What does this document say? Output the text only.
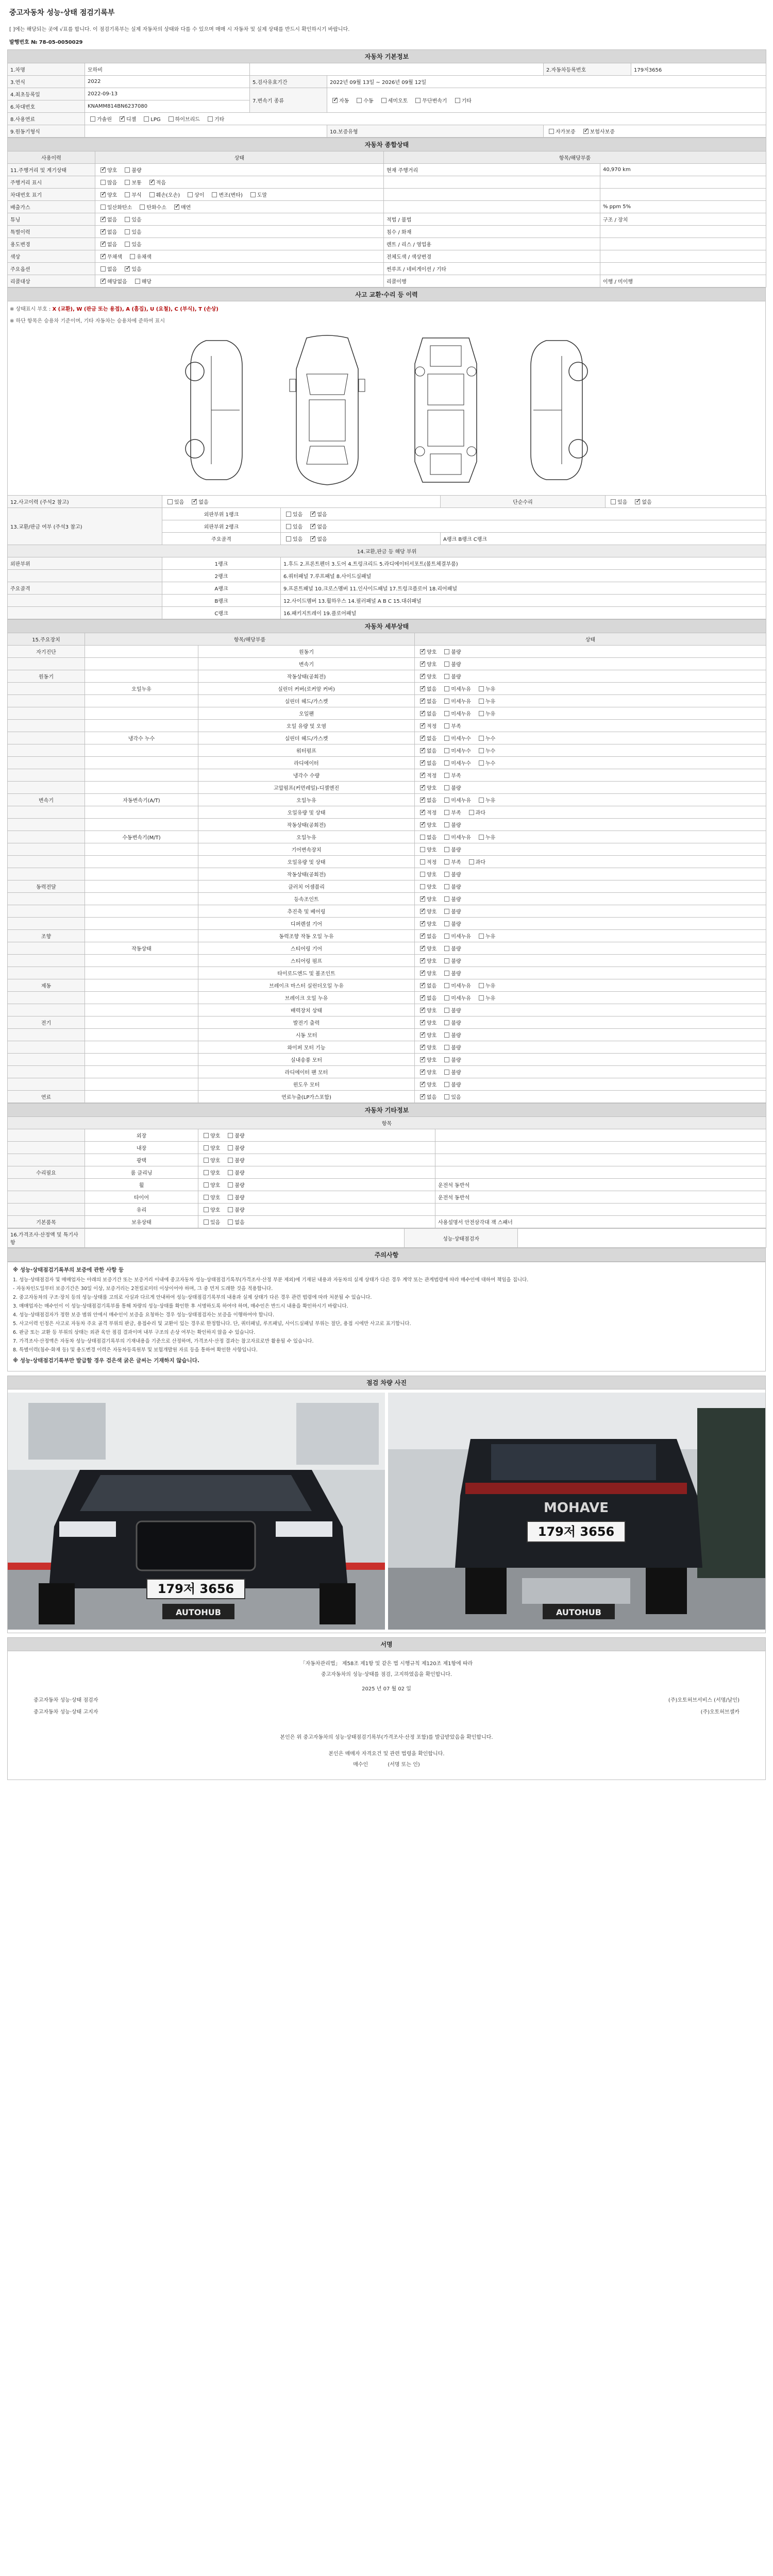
중고자동차 성능·상태 점검기록부
[ ]에는 해당되는 곳에 √표를 합니다. 이 점검기록부는 실제 자동차의 상태와 다를 수 있으며 매매 시 자동차 및 실제 상태를 반드시 확인하시기 바랍니다.
발행번호 № 78-05-0050029
자동차 기본정보					
1.차명	모하비			2.자동차등록번호	179저3656
3.연식	2022	5.검사유효기간	2022년 09월 13일 ~ 2026년 09월 12일		
4.최초등록일	2022-09-13	7.변속기 종류	✓자동 수동 세미오토 무단변속기 기타
6.차대번호	KNAMM814BN6237080				
8.사용연료	가솔린 ✓ 디젤 LPG 하이브리드 기타
9.원동기형식			10.보증유형	자가보증 ✓ 보험사보증
자동차 종합상태			
사용이력	상태	항목/해당부품	
11.주행거리 및 계기상태	✓양호 불량	현재 주행거리	40,970 km
주행거리 표시	많음 보통 ✓ 적음		
차대번호 표기	✓양호 부식 훼손(오손) 상이 변조(변타) 도말		
배출가스	일산화탄소 탄화수소 ✓ 매연		% ppm 5%
튜닝	✓없음 있음	적법 / 불법	구조 / 장치
특별이력	✓없음 있음	침수 / 화재	
용도변경	✓없음 있음	렌트 / 리스 / 영업용	
색상	✓무채색 유채색	전체도색 / 색상변경	
주요옵션	없음 ✓ 있음	썬루프 / 네비게이션 / 기타	
리콜대상	✓해당없음 해당	리콜이행	이행 / 미이행
사고 교환·수리 등 이력
※ 상태표시 부호 : X (교환), W (판금 또는 용접), A (흠집), U (요철), C (부식), T (손상)
※ 하단 항목은 승용차 기준이며, 기타 자동차는 승용차에 준하여 표시
12.사고이력 (주석2 참고)	있음 ✓ 없음		단순수리	있음 ✓ 없음
13.교환/판금 여부 (주석3 참고)	외판부위 1랭크	있음 ✓ 없음
	외판부위 2랭크	있음 ✓ 없음
	주요골격	있음 ✓ 없음	A랭크 B랭크 C랭크	
14.교환,판금 등 해당 부위				
외판부위	1랭크	1.후드 2.프론트펜더 3.도어 4.트렁크리드 5.라디에이터서포트(볼트체결부품)		
	2랭크	6.쿼터패널 7.루프패널 8.사이드실패널		
주요골격	A랭크	9.프론트패널 10.크로스멤버 11.인사이드패널 17.트렁크플로어 18.리어패널		
	B랭크	12.사이드멤버 13.휠하우스 14.필러패널 A B C 15.대쉬패널		
	C랭크	16.패키지트레이 19.플로어패널		
자동차 세부상태			
15.주요장치	항목/해당부품		상태
자기진단		원동기	✓양호 불량
		변속기	✓양호 불량
원동기		작동상태(공회전)	✓양호 불량
	오일누유	실린더 커버(로커암 커버)	✓없음 미세누유 누유
		실린더 헤드/가스켓	✓없음 미세누유 누유
		오일팬	✓없음 미세누유 누유
		오일 유량 및 오염	✓적정 부족
	냉각수 누수	실린더 헤드/가스켓	✓없음 미세누수 누수
		워터펌프	✓없음 미세누수 누수
		라디에이터	✓없음 미세누수 누수
		냉각수 수량	✓적정 부족
		고압펌프(커먼레일)-디젤엔진	✓양호 불량
변속기	자동변속기(A/T)	오일누유	✓없음 미세누유 누유
		오일유량 및 상태	✓적정 부족 과다
		작동상태(공회전)	✓양호 불량
	수동변속기(M/T)	오일누유	없음 미세누유 누유
		기어변속장치	양호 불량
		오일유량 및 상태	적정 부족 과다
		작동상태(공회전)	양호 불량
동력전달		클러치 어셈블리	양호 불량
		등속조인트	✓양호 불량
		추진축 및 베어링	✓양호 불량
		디퍼렌셜 기어	✓양호 불량
조향		동력조향 작동 오일 누유	✓없음 미세누유 누유
	작동상태	스티어링 기어	✓양호 불량
		스티어링 펌프	✓양호 불량
		타이로드엔드 및 볼조인트	✓양호 불량
제동		브레이크 마스터 실린더오일 누유	✓없음 미세누유 누유
		브레이크 오일 누유	✓없음 미세누유 누유
		배력장치 상태	✓양호 불량
전기		발전기 출력	✓양호 불량
		시동 모터	✓양호 불량
		와이퍼 모터 기능	✓양호 불량
		실내송풍 모터	✓양호 불량
		라디에이터 팬 모터	✓양호 불량
		윈도우 모터	✓양호 불량
연료		연료누출(LP가스포함)	✓없음 있음
자동차 기타정보			
항목			
	외장	양호 불량	
	내장	양호 불량	
	광택	양호 불량	
수리필요	룸 클리닝	양호 불량	
	휠	양호 불량	운전석 동반석
	타이어	양호 불량	운전석 동반석
	유리	양호 불량	
기본품목	보유상태	있음 없음	사용설명서 안전삼각대 잭 스패너
16.가격조사·산정액 및 특기사항		성능·상태점검자	
주의사항
※ 성능·상태점검기록부의 보증에 관한 사항 등

1. 성능·상태점검자 및 매매업자는 아래의 보증기간 또는 보증거리 이내에 중고자동차 성능·상태점검기록부(가격조사·산정 부분 제외)에 기재된 내용과 자동차의 실제 상태가 다른 경우 계약 또는 관계법령에 따라 매수인에 대하여 책임을 집니다.

- 자동차인도일부터 보증기간은 30일 이상, 보증거리는 2천킬로미터 이상이어야 하며, 그 중 먼저 도래한 것을 적용합니다.

2. 중고자동차의 구조·장치 등의 성능·상태를 고의로 사실과 다르게 안내하여 성능·상태점검기록부의 내용과 실제 상태가 다른 경우 관련 법령에 따라 처분될 수 있습니다.

3. 매매업자는 매수인이 이 성능·상태점검기록부를 통해 차량의 성능·상태를 확인한 후 서명하도록 하여야 하며, 매수인은 반드시 내용을 확인하시기 바랍니다.

4. 성능·상태점검자가 정한 보증 범위 안에서 매수인이 보증을 요청하는 경우 성능·상태점검자는 보증을 이행하여야 합니다.

5. 사고이력 인정은 사고로 자동차 주요 골격 부위의 판금, 용접수리 및 교환이 있는 경우로 한정합니다. 단, 쿼터패널, 루프패널, 사이드실패널 부위는 절단, 용접 시에만 사고로 표기합니다.

6. 판금 또는 교환 등 부위의 상태는 외관 육안 점검 결과이며 내부 구조의 손상 여부는 확인하지 않을 수 있습니다.

7. 가격조사·산정액은 자동차 성능·상태점검기록부의 기재내용을 기준으로 산정하며, 가격조사·산정 결과는 참고자료로만 활용될 수 있습니다.

8. 특별이력(침수·화재 등) 및 용도변경 이력은 자동차등록원부 및 보험개발원 자료 등을 통하여 확인한 사항입니다.

※ 성능·상태점검기록부만 발급할 경우 검은색 굵은 글씨는 기재하지 않습니다.
점검 차량 사진
179저 3656
AUTOHUB
MOHAVE
179저 3656
AUTOHUB
서명
「자동차관리법」 제58조 제1항 및 같은 법 시행규칙 제120조 제1항에 따라
중고자동차의 성능·상태를 점검, 고지하였음을 확인합니다.
2025 년 07 월 02 일
중고자동차 성능·상태 점검자	(주)오토허브서비스 (서명/날인)
중고자동차 성능·상태 고지자	(주)오토허브셀카
본인은 위 중고자동차의 성능·상태점검기록부(가격조사·산정 포함)를 발급받았음을 확인합니다.
본인은 매매자 자격요건 및 관련 법령을 확인합니다.
매수인	(서명 또는 인)
